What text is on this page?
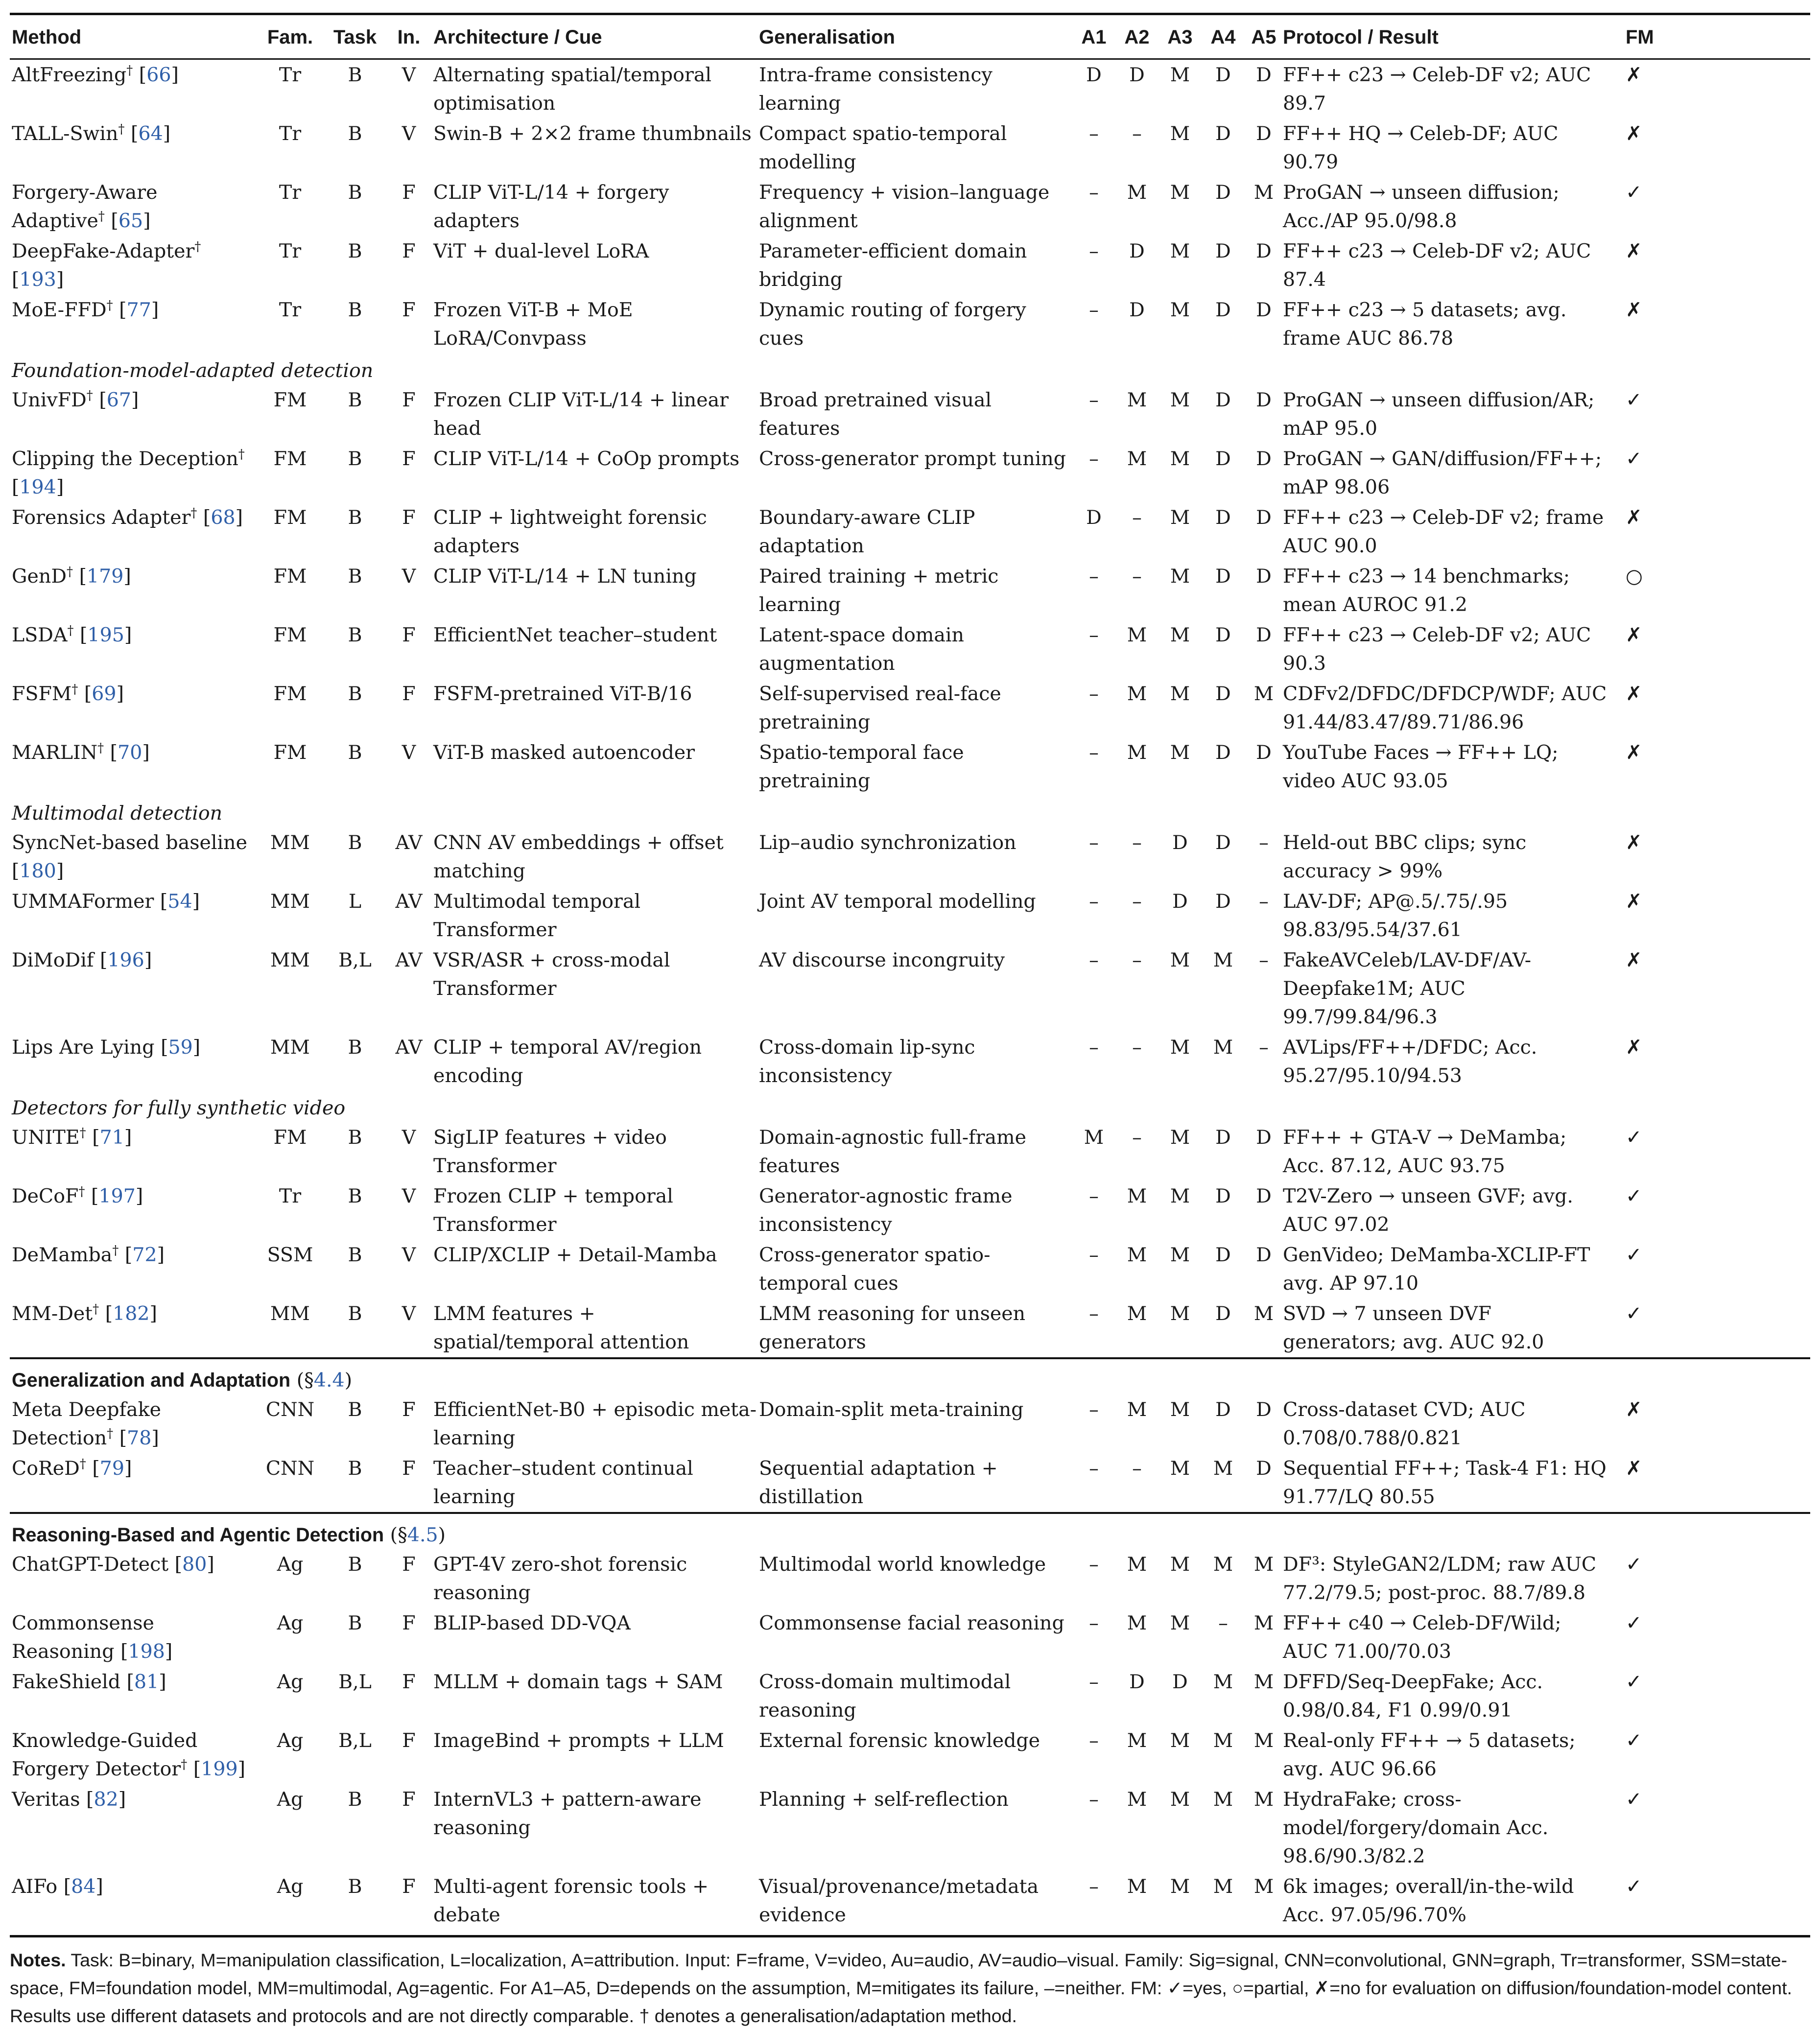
Method	Fam.	Task	In.	Architecture / Cue	Generalisation	A1	A2	A3	A4	A5	Protocol / Result	FM
AltFreezing† [66]	Tr	B	V	Alternating spatial/temporal optimisation	Intra-frame consistency learning	D	D	M	D	D	FF++ c23 → Celeb-DF v2; AUC 89.7	✗
TALL-Swin† [64]	Tr	B	V	Swin-B + 2×2 frame thumbnails	Compact spatio-temporal modelling	–	–	M	D	D	FF++ HQ → Celeb-DF; AUC 90.79	✗
Forgery-Aware Adaptive† [65]	Tr	B	F	CLIP ViT-L/14 + forgery adapters	Frequency + vision–language alignment	–	M	M	D	M	ProGAN → unseen diffusion; Acc./AP 95.0/98.8	✓
DeepFake-Adapter† [193]	Tr	B	F	ViT + dual-level LoRA	Parameter-efficient domain bridging	–	D	M	D	D	FF++ c23 → Celeb-DF v2; AUC 87.4	✗
MoE-FFD† [77]	Tr	B	F	Frozen ViT-B + MoE LoRA/Convpass	Dynamic routing of forgery cues	–	D	M	D	D	FF++ c23 → 5 datasets; avg. frame AUC 86.78	✗
Foundation-model-adapted detection												
UnivFD† [67]	FM	B	F	Frozen CLIP ViT-L/14 + linear head	Broad pretrained visual features	–	M	M	D	D	ProGAN → unseen diffusion/AR; mAP 95.0	✓
Clipping the Deception† [194]	FM	B	F	CLIP ViT-L/14 + CoOp prompts	Cross-generator prompt tuning	–	M	M	D	D	ProGAN → GAN/diffusion/FF++; mAP 98.06	✓
Forensics Adapter† [68]	FM	B	F	CLIP + lightweight forensic adapters	Boundary-aware CLIP adaptation	D	–	M	D	D	FF++ c23 → Celeb-DF v2; frame AUC 90.0	✗
GenD† [179]	FM	B	V	CLIP ViT-L/14 + LN tuning	Paired training + metric learning	–	–	M	D	D	FF++ c23 → 14 benchmarks; mean AUROC 91.2	○
LSDA† [195]	FM	B	F	EfficientNet teacher–student	Latent-space domain augmentation	–	M	M	D	D	FF++ c23 → Celeb-DF v2; AUC 90.3	✗
FSFM† [69]	FM	B	F	FSFM-pretrained ViT-B/16	Self-supervised real-face pretraining	–	M	M	D	M	CDFv2/DFDC/DFDCP/WDF; AUC 91.44/83.47/89.71/86.96	✗
MARLIN† [70]	FM	B	V	ViT-B masked autoencoder	Spatio-temporal face pretraining	–	M	M	D	D	YouTube Faces → FF++ LQ; video AUC 93.05	✗
Multimodal detection												
SyncNet-based baseline [180]	MM	B	AV	CNN AV embeddings + offset matching	Lip–audio synchronization	–	–	D	D	–	Held-out BBC clips; sync accuracy > 99%	✗
UMMAFormer [54]	MM	L	AV	Multimodal temporal Transformer	Joint AV temporal modelling	–	–	D	D	–	LAV-DF; AP@.5/.75/.95 98.83/95.54/37.61	✗
DiMoDif [196]	MM	B,L	AV	VSR/ASR + cross-modal Transformer	AV discourse incongruity	–	–	M	M	–	FakeAVCeleb/LAV-DF/AV-Deepfake1M; AUC 99.7/99.84/96.3	✗
Lips Are Lying [59]	MM	B	AV	CLIP + temporal AV/region encoding	Cross-domain lip-sync inconsistency	–	–	M	M	–	AVLips/FF++/DFDC; Acc. 95.27/95.10/94.53	✗
Detectors for fully synthetic video												
UNITE† [71]	FM	B	V	SigLIP features + video Transformer	Domain-agnostic full-frame features	M	–	M	D	D	FF++ + GTA-V → DeMamba; Acc. 87.12, AUC 93.75	✓
DeCoF† [197]	Tr	B	V	Frozen CLIP + temporal Transformer	Generator-agnostic frame inconsistency	–	M	M	D	D	T2V-Zero → unseen GVF; avg. AUC 97.02	✓
DeMamba† [72]	SSM	B	V	CLIP/XCLIP + Detail-Mamba	Cross-generator spatio-temporal cues	–	M	M	D	D	GenVideo; DeMamba-XCLIP-FT avg. AP 97.10	✓
MM-Det† [182]	MM	B	V	LMM features + spatial/temporal attention	LMM reasoning for unseen generators	–	M	M	D	M	SVD → 7 unseen DVF generators; avg. AUC 92.0	✓
Generalization and Adaptation (§4.4)												
Meta Deepfake Detection† [78]	CNN	B	F	EfficientNet-B0 + episodic meta-learning	Domain-split meta-training	–	M	M	D	D	Cross-dataset CVD; AUC 0.708/0.788/0.821	✗
CoReD† [79]	CNN	B	F	Teacher–student continual learning	Sequential adaptation + distillation	–	–	M	M	D	Sequential FF++; Task-4 F1: HQ 91.77/LQ 80.55	✗
Reasoning-Based and Agentic Detection (§4.5)												
ChatGPT-Detect [80]	Ag	B	F	GPT-4V zero-shot forensic reasoning	Multimodal world knowledge	–	M	M	M	M	DF³: StyleGAN2/LDM; raw AUC 77.2/79.5; post-proc. 88.7/89.8	✓
Commonsense Reasoning [198]	Ag	B	F	BLIP-based DD-VQA	Commonsense facial reasoning	–	M	M	–	M	FF++ c40 → Celeb-DF/Wild; AUC 71.00/70.03	✓
FakeShield [81]	Ag	B,L	F	MLLM + domain tags + SAM	Cross-domain multimodal reasoning	–	D	D	M	M	DFFD/Seq-DeepFake; Acc. 0.98/0.84, F1 0.99/0.91	✓
Knowledge-Guided Forgery Detector† [199]	Ag	B,L	F	ImageBind + prompts + LLM	External forensic knowledge	–	M	M	M	M	Real-only FF++ → 5 datasets; avg. AUC 96.66	✓
Veritas [82]	Ag	B	F	InternVL3 + pattern-aware reasoning	Planning + self-reflection	–	M	M	M	M	HydraFake; cross-model/forgery/domain Acc. 98.6/90.3/82.2	✓
AIFo [84]	Ag	B	F	Multi-agent forensic tools + debate	Visual/provenance/metadata evidence	–	M	M	M	M	6k images; overall/in-the-wild Acc. 97.05/96.70%	✓
Notes. Task: B=binary, M=manipulation classification, L=localization, A=attribution. Input: F=frame, V=video, Au=audio, AV=audio–visual. Family: Sig=signal, CNN=convolutional, GNN=graph, Tr=transformer, SSM=state-space, FM=foundation model, MM=multimodal, Ag=agentic. For A1–A5, D=depends on the assumption, M=mitigates its failure, –=neither. FM: ✓=yes, ○=partial, ✗=no for evaluation on diffusion/foundation-model content. Results use different datasets and protocols and are not directly comparable. † denotes a generalisation/adaptation method.
